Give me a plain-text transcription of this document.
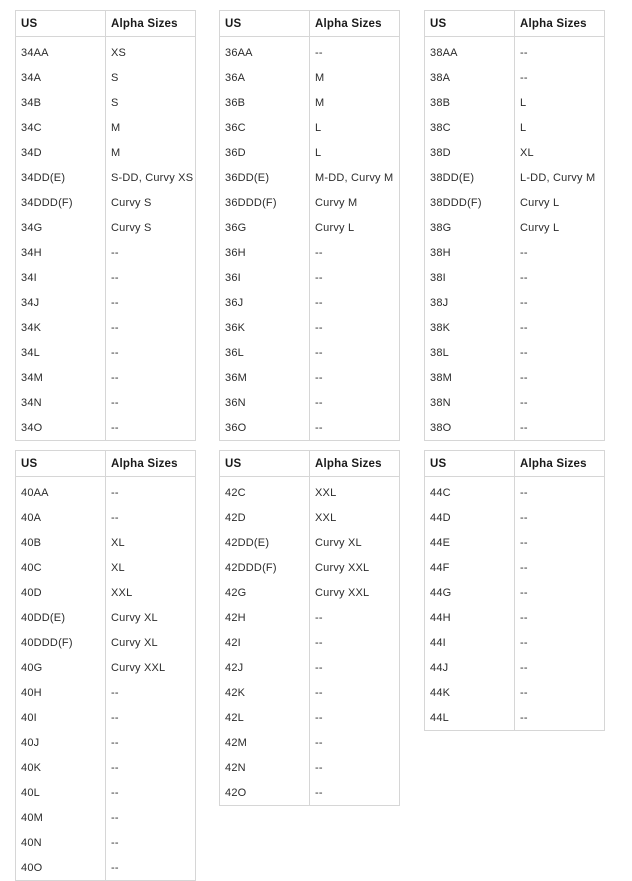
US	Alpha Sizes
34AA	XS
34A	S
34B	S
34C	M
34D	M
34DD(E)	S-DD, Curvy XS
34DDD(F)	Curvy S
34G	Curvy S
34H	--
34I	--
34J	--
34K	--
34L	--
34M	--
34N	--
34O	--
US	Alpha Sizes
36AA	--
36A	M
36B	M
36C	L
36D	L
36DD(E)	M-DD, Curvy M
36DDD(F)	Curvy M
36G	Curvy L
36H	--
36I	--
36J	--
36K	--
36L	--
36M	--
36N	--
36O	--
US	Alpha Sizes
38AA	--
38A	--
38B	L
38C	L
38D	XL
38DD(E)	L-DD, Curvy M
38DDD(F)	Curvy L
38G	Curvy L
38H	--
38I	--
38J	--
38K	--
38L	--
38M	--
38N	--
38O	--
US	Alpha Sizes
40AA	--
40A	--
40B	XL
40C	XL
40D	XXL
40DD(E)	Curvy XL
40DDD(F)	Curvy XL
40G	Curvy XXL
40H	--
40I	--
40J	--
40K	--
40L	--
40M	--
40N	--
40O	--
US	Alpha Sizes
42C	XXL
42D	XXL
42DD(E)	Curvy XL
42DDD(F)	Curvy XXL
42G	Curvy XXL
42H	--
42I	--
42J	--
42K	--
42L	--
42M	--
42N	--
42O	--
US	Alpha Sizes
44C	--
44D	--
44E	--
44F	--
44G	--
44H	--
44I	--
44J	--
44K	--
44L	--
